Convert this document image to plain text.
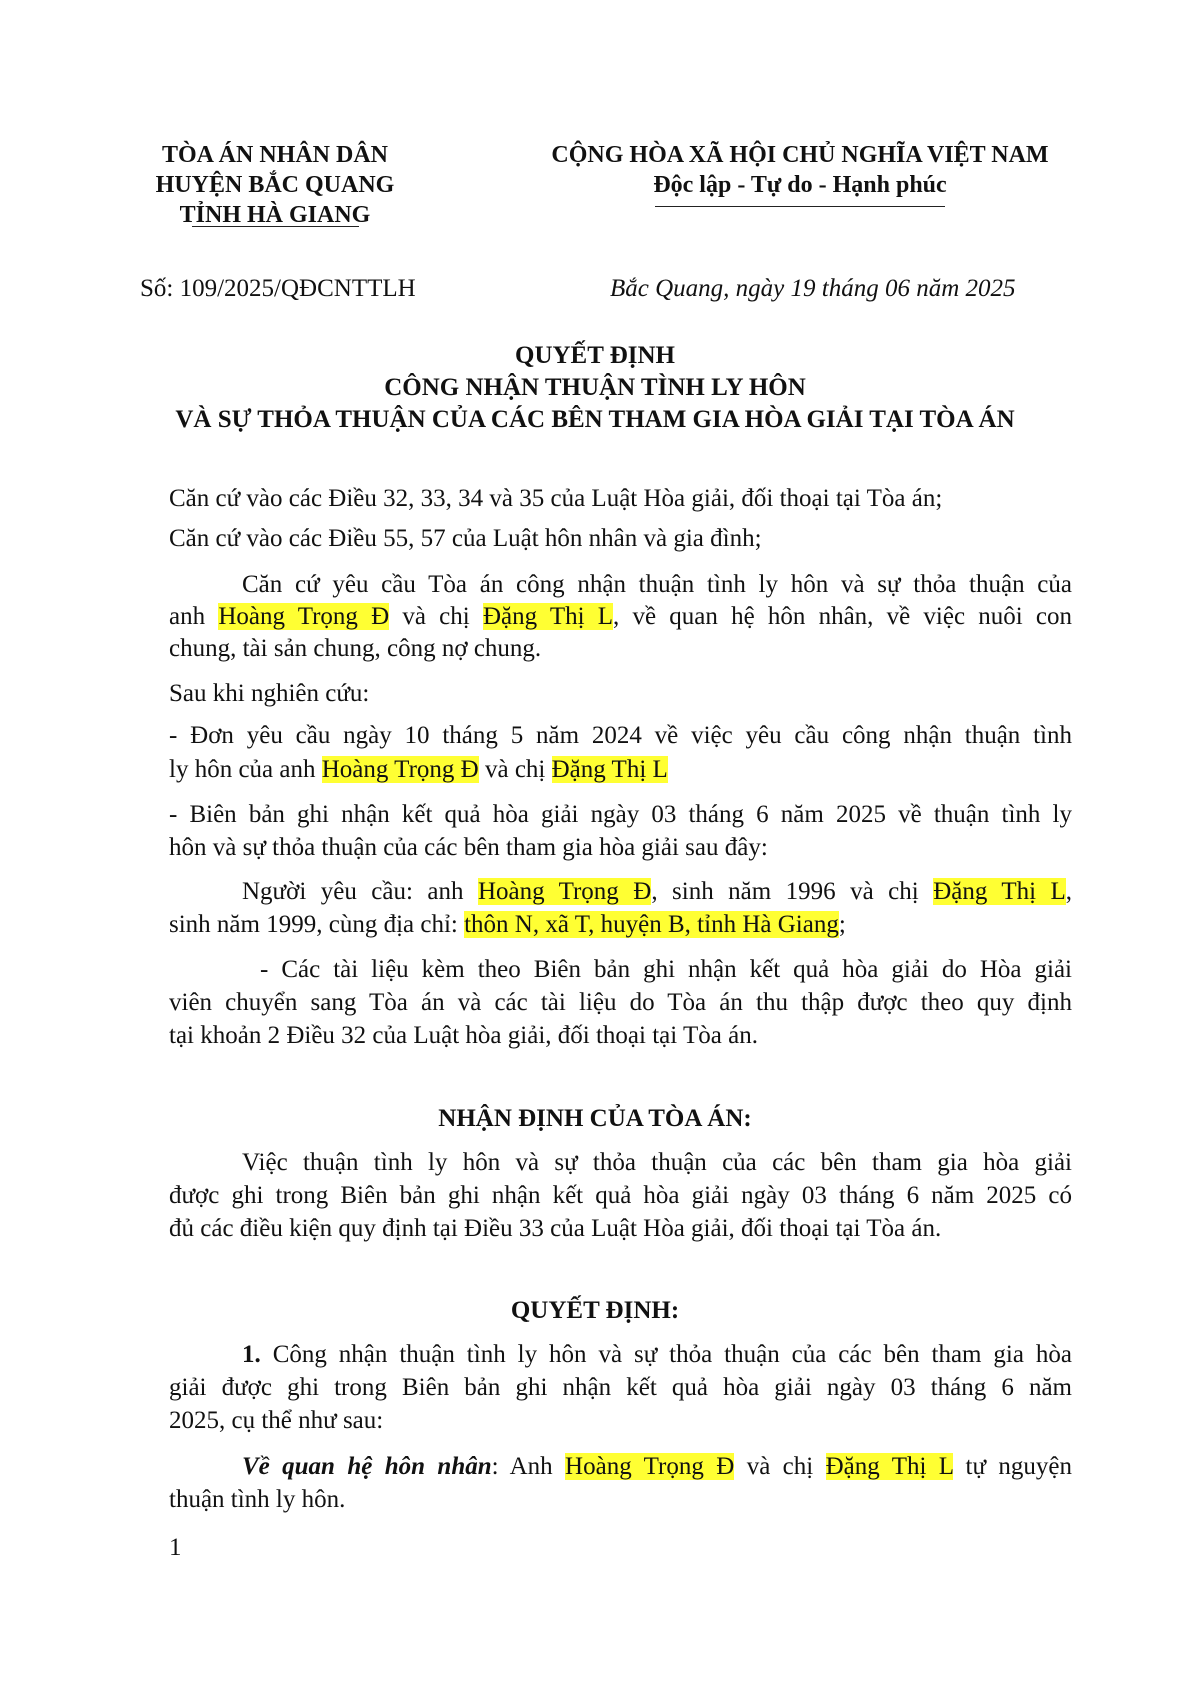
TÒA ÁN NHÂN DÂN
HUYỆN BẮC QUANG
TỈNH HÀ GIANG
CỘNG HÒA XÃ HỘI CHỦ NGHĨA VIỆT NAM
Độc lập - Tự do - Hạnh phúc
Số: 109/2025/QĐCNTTLH	Bắc Quang, ngày 19 tháng 06 năm 2025
QUYẾT ĐỊNH
CÔNG NHẬN THUẬN TÌNH LY HÔN
VÀ SỰ THỎA THUẬN CỦA CÁC BÊN THAM GIA HÒA GIẢI TẠI TÒA ÁN
Căn cứ vào các Điều 32, 33, 34 và 35 của Luật Hòa giải, đối thoại tại Tòa án;
Căn cứ vào các Điều 55, 57 của Luật hôn nhân và gia đình;
Căn cứ yêu cầu Tòa án công nhận thuận tình ly hôn và sự thỏa thuận của
anh Hoàng Trọng Đ và chị Đặng Thị L, về quan hệ hôn nhân, về việc nuôi con
chung, tài sản chung, công nợ chung.
Sau khi nghiên cứu:
- Đơn yêu cầu ngày 10 tháng 5 năm 2024 về việc yêu cầu công nhận thuận tình
ly hôn của anh Hoàng Trọng Đ và chị Đặng Thị L
- Biên bản ghi nhận kết quả hòa giải ngày 03 tháng 6 năm 2025 về thuận tình ly
hôn và sự thỏa thuận của các bên tham gia hòa giải sau đây:
Người yêu cầu: anh Hoàng Trọng Đ, sinh năm 1996 và chị Đặng Thị L,
sinh năm 1999, cùng địa chỉ: thôn N, xã T, huyện B, tỉnh Hà Giang;
- Các tài liệu kèm theo Biên bản ghi nhận kết quả hòa giải do Hòa giải
viên chuyển sang Tòa án và các tài liệu do Tòa án thu thập được theo quy định
tại khoản 2 Điều 32 của Luật hòa giải, đối thoại tại Tòa án.
NHẬN ĐỊNH CỦA TÒA ÁN:
Việc thuận tình ly hôn và sự thỏa thuận của các bên tham gia hòa giải
được ghi trong Biên bản ghi nhận kết quả hòa giải ngày 03 tháng 6 năm 2025 có
đủ các điều kiện quy định tại Điều 33 của Luật Hòa giải, đối thoại tại Tòa án.
QUYẾT ĐỊNH:
1. Công nhận thuận tình ly hôn và sự thỏa thuận của các bên tham gia hòa
giải được ghi trong Biên bản ghi nhận kết quả hòa giải ngày 03 tháng 6 năm
2025, cụ thể như sau:
Về quan hệ hôn nhân: Anh Hoàng Trọng Đ và chị Đặng Thị L tự nguyện
thuận tình ly hôn.
1
